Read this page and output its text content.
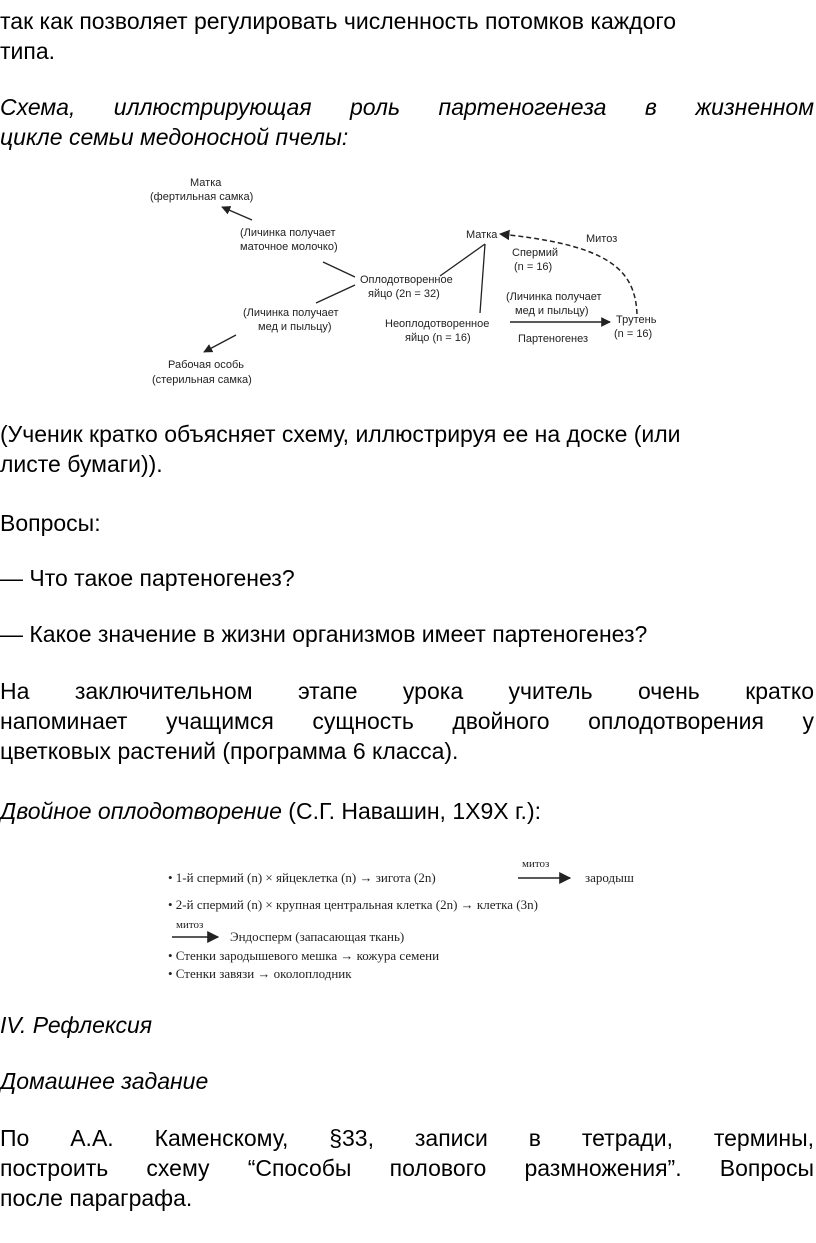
так как позволяет регулировать численность потомков каждого
типа.

Схема, иллюстрирующая роль партеногенеза в жизненном

цикле семьи медоносной пчелы:

Матка
(фертильная самка)
(Личинка получает
маточное молочко)
Оплодотворенное
яйцо (2n = 32)
(Личинка получает
мед и пыльцу)
Рабочая особь
(стерильная самка)
Матка	Митоз
Спермий
(n = 16)
(Личинка получает
мед и пыльцу)
Неоплодотворенное
яйцо (n = 16)	Партеногенез
Трутень
(n = 16)

(Ученик кратко объясняет схему, иллюстрируя ее на доске (или
листе бумаги)).

Вопросы:

— Что такое партеногенез?

— Какое значение в жизни организмов имеет партеногенез?

На заключительном этапе урока учитель очень кратко

напоминает учащимся сущность двойного оплодотворения у

цветковых растений (программа 6 класса).

Двойное оплодотворение (С.Г. Навашин, 1Х9Х г.):

• 1-й спермий (n) × яйцеклетка (n) → зигота (2n)
митоз
зародыш
• 2-й спермий (n) × крупная центральная клетка (2n) → клетка (3n)
митоз
Эндосперм (запасающая ткань)
• Стенки зародышевого мешка → кожура семени
• Стенки завязи → околоплодник

IV. Рефлексия

Домашнее задание

По А.А. Каменскому, §33, записи в тетради, термины,

построить схему “Способы полового размножения”. Вопросы

после параграфа.
